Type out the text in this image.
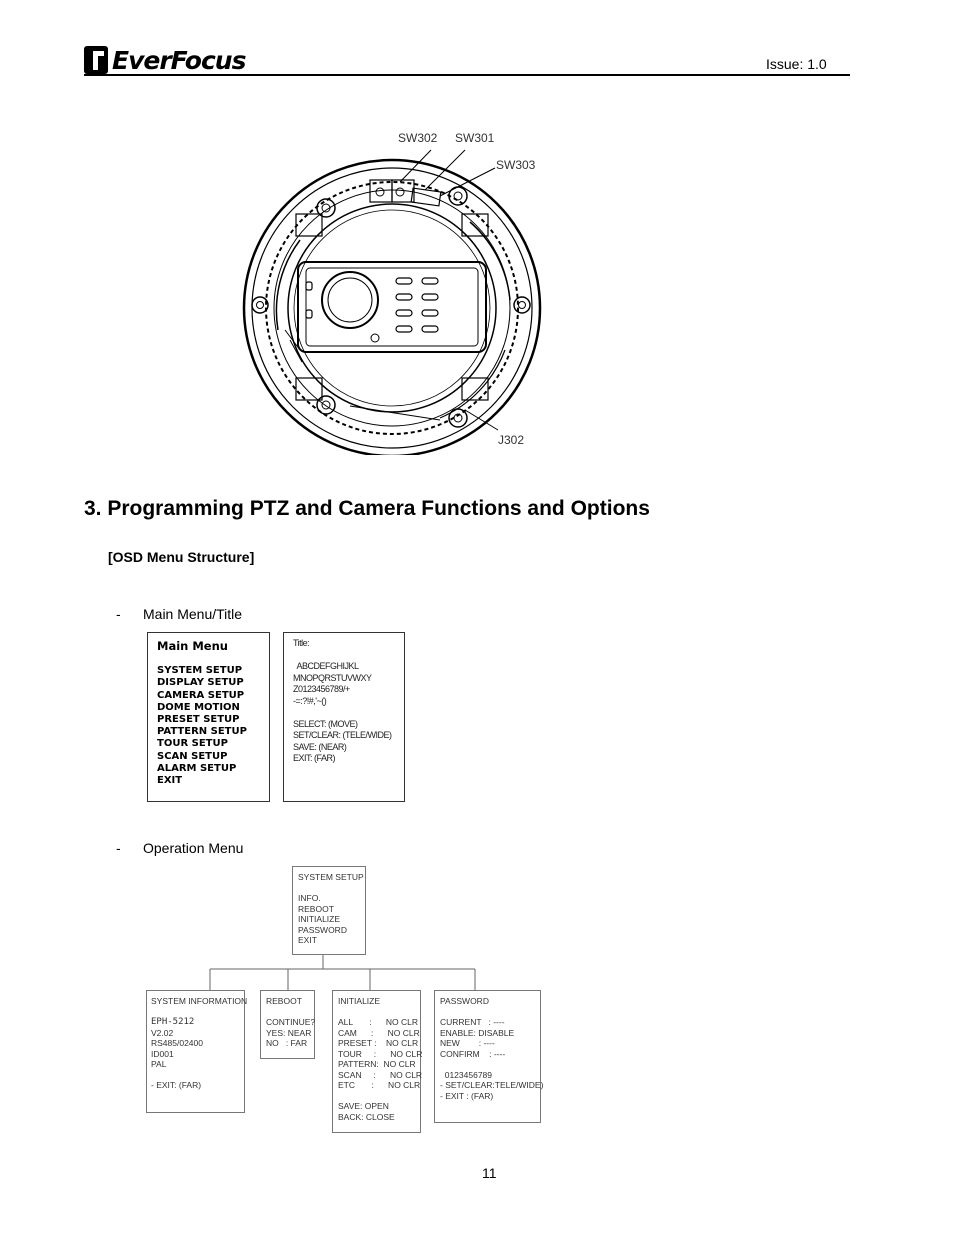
EverFocus	Issue: 1.0
SW302 SW301
SW303
J302
3. Programming PTZ and Camera Functions and Options
[OSD Menu Structure]
- Main Menu/Title
Main Menu
SYSTEM SETUP
DISPLAY SETUP
CAMERA SETUP
DOME MOTION
PRESET SETUP
PATTERN SETUP
TOUR SETUP
SCAN SETUP
ALARM SETUP
EXIT
Title:
ABCDEFGHIJKL
MNOPQRSTUVWXY
Z0123456789/+
-=:?!#,'~()
SELECT: (MOVE)
SET/CLEAR: (TELE/WIDE)
SAVE: (NEAR)
EXIT: (FAR)
- Operation Menu
SYSTEM SETUP
INFO.
REBOOT
INITIALIZE
PASSWORD
EXIT
SYSTEM INFORMATION
EPH-5212
V2.02
RS485/02400
ID001
PAL
- EXIT: (FAR)
REBOOT
CONTINUE?
YES: NEAR
NO   : FAR
INITIALIZE
ALL       :      NO CLR
CAM      :      NO CLR
PRESET :    NO CLR
TOUR     :      NO CLR
PATTERN:  NO CLR
SCAN     :      NO CLR
ETC       :      NO CLR
SAVE: OPEN
BACK: CLOSE
PASSWORD
CURRENT   : ----
ENABLE: DISABLE
NEW        : ----
CONFIRM    : ----
0123456789
- SET/CLEAR:TELE/WIDE)
- EXIT : (FAR)
11
